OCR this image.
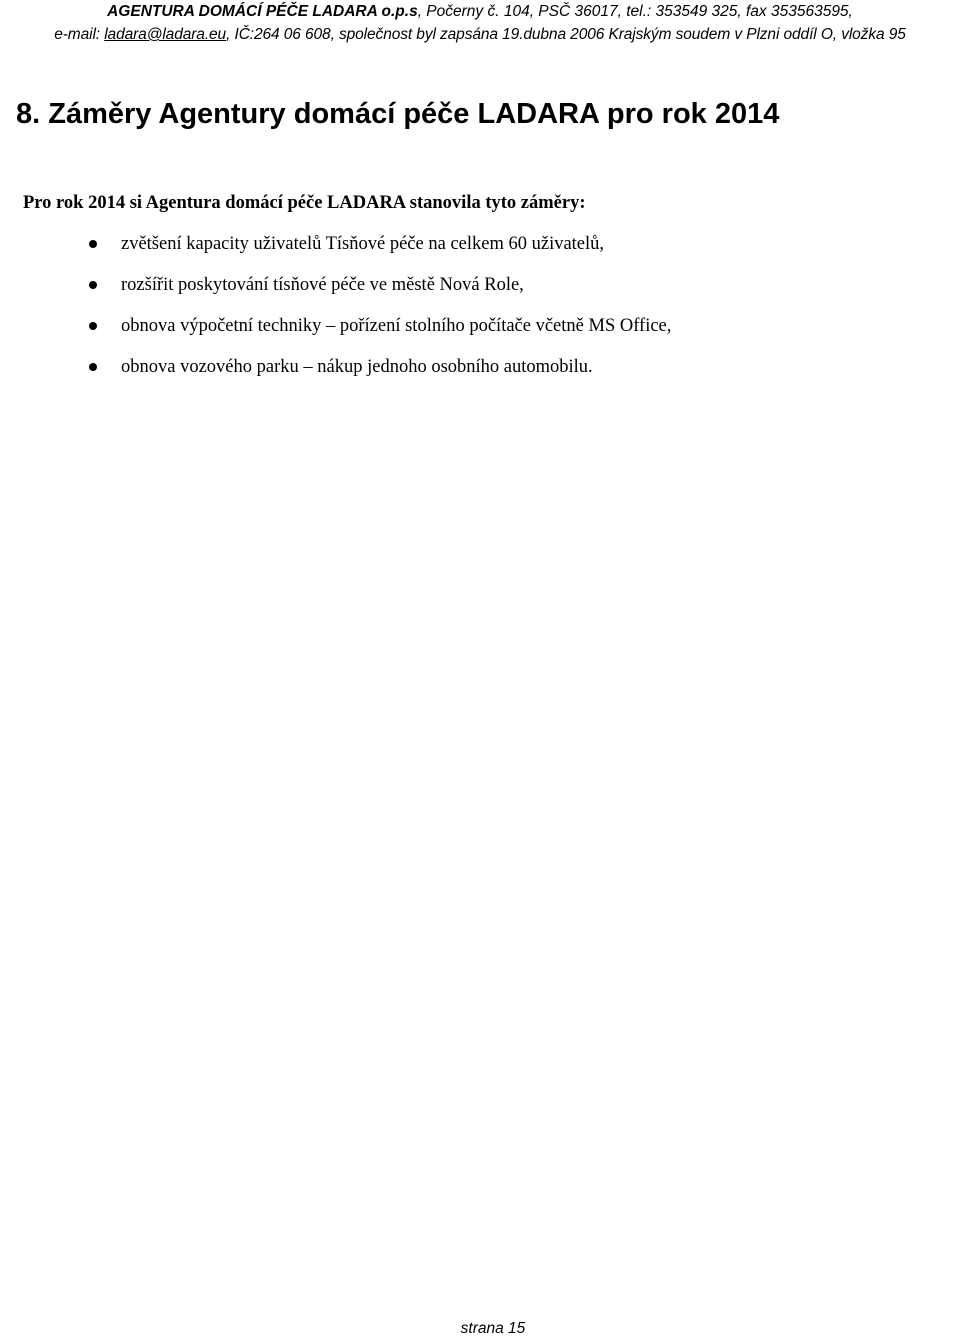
AGENTURA DOMÁCÍ PÉČE LADARA o.p.s, Počerny č. 104, PSČ 36017, tel.: 353549 325, fax 353563595,
e-mail: ladara@ladara.eu, IČ:264 06 608, společnost byl zapsána 19.dubna 2006 Krajským soudem v Plzni oddíl O, vložka 95
8. Záměry Agentury domácí péče LADARA pro rok 2014

Pro rok 2014 si Agentura domácí péče LADARA stanovila tyto záměry:

zvětšení kapacity uživatelů Tísňové péče na celkem 60 uživatelů,
rozšířit poskytování tísňové péče ve městě Nová Role,
obnova výpočetní techniky – pořízení stolního počítače včetně MS Office,
obnova vozového parku – nákup jednoho osobního automobilu.
strana 15
